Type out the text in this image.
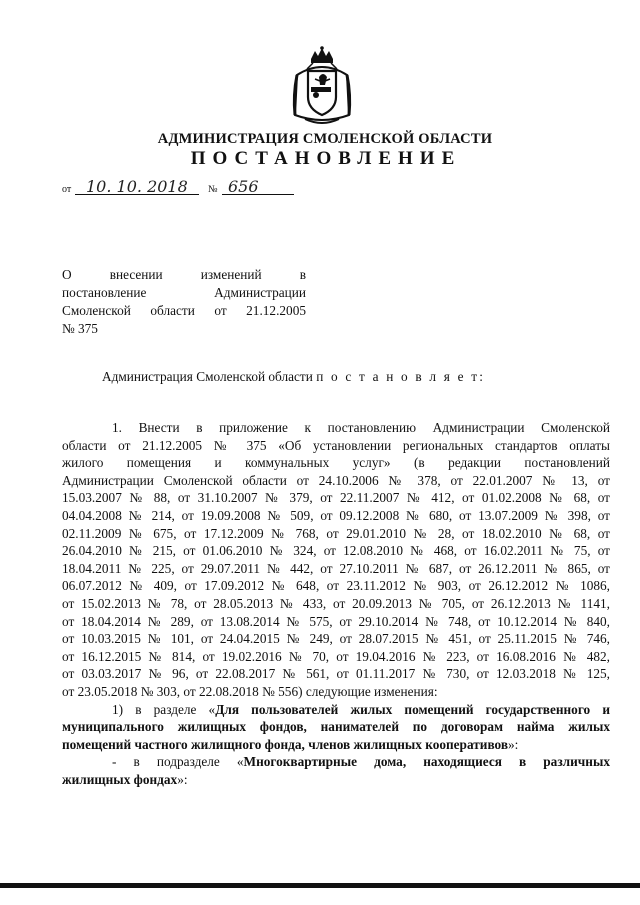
АДМИНИСТРАЦИЯ СМОЛЕНСКОЙ ОБЛАСТИ
ПОСТАНОВЛЕНИЕ
от 10. 10. 2018 № 656
О внесении изменений в
постановление Администрации
Смоленской области от 21.12.2005
№ 375
Администрация Смоленской области п о с т а н о в л я е т:
1. Внести в приложение к постановлению Администрации Смоленской
области от 21.12.2005 № 375 «Об установлении региональных стандартов оплаты
жилого помещения и коммунальных услуг» (в редакции постановлений
Администрации Смоленской области от 24.10.2006 № 378, от 22.01.2007 № 13, от
15.03.2007 № 88, от 31.10.2007 № 379, от 22.11.2007 № 412, от 01.02.2008 № 68, от
04.04.2008 № 214, от 19.09.2008 № 509, от 09.12.2008 № 680, от 13.07.2009 № 398, от
02.11.2009 № 675, от 17.12.2009 № 768, от 29.01.2010 № 28, от 18.02.2010 № 68, от
26.04.2010 № 215, от 01.06.2010 № 324, от 12.08.2010 № 468, от 16.02.2011 № 75, от
18.04.2011 № 225, от 29.07.2011 № 442, от 27.10.2011 № 687, от 26.12.2011 № 865, от
06.07.2012 № 409, от 17.09.2012 № 648, от 23.11.2012 № 903, от 26.12.2012 № 1086,
от 15.02.2013 № 78, от 28.05.2013 № 433, от 20.09.2013 № 705, от 26.12.2013 № 1141,
от 18.04.2014 № 289, от 13.08.2014 № 575, от 29.10.2014 № 748, от 10.12.2014 № 840,
от 10.03.2015 № 101, от 24.04.2015 № 249, от 28.07.2015 № 451, от 25.11.2015 № 746,
от 16.12.2015 № 814, от 19.02.2016 № 70, от 19.04.2016 № 223, от 16.08.2016 № 482,
от 03.03.2017 № 96, от 22.08.2017 № 561, от 01.11.2017 № 730, от 12.03.2018 № 125,
от 23.05.2018 № 303, от 22.08.2018 № 556) следующие изменения:
1) в разделе «Для пользователей жилых помещений государственного и
муниципального жилищных фондов, нанимателей по договорам найма жилых
помещений частного жилищного фонда, членов жилищных кооперативов»:
- в подразделе «Многоквартирные дома, находящиеся в различных
жилищных фондах»:
